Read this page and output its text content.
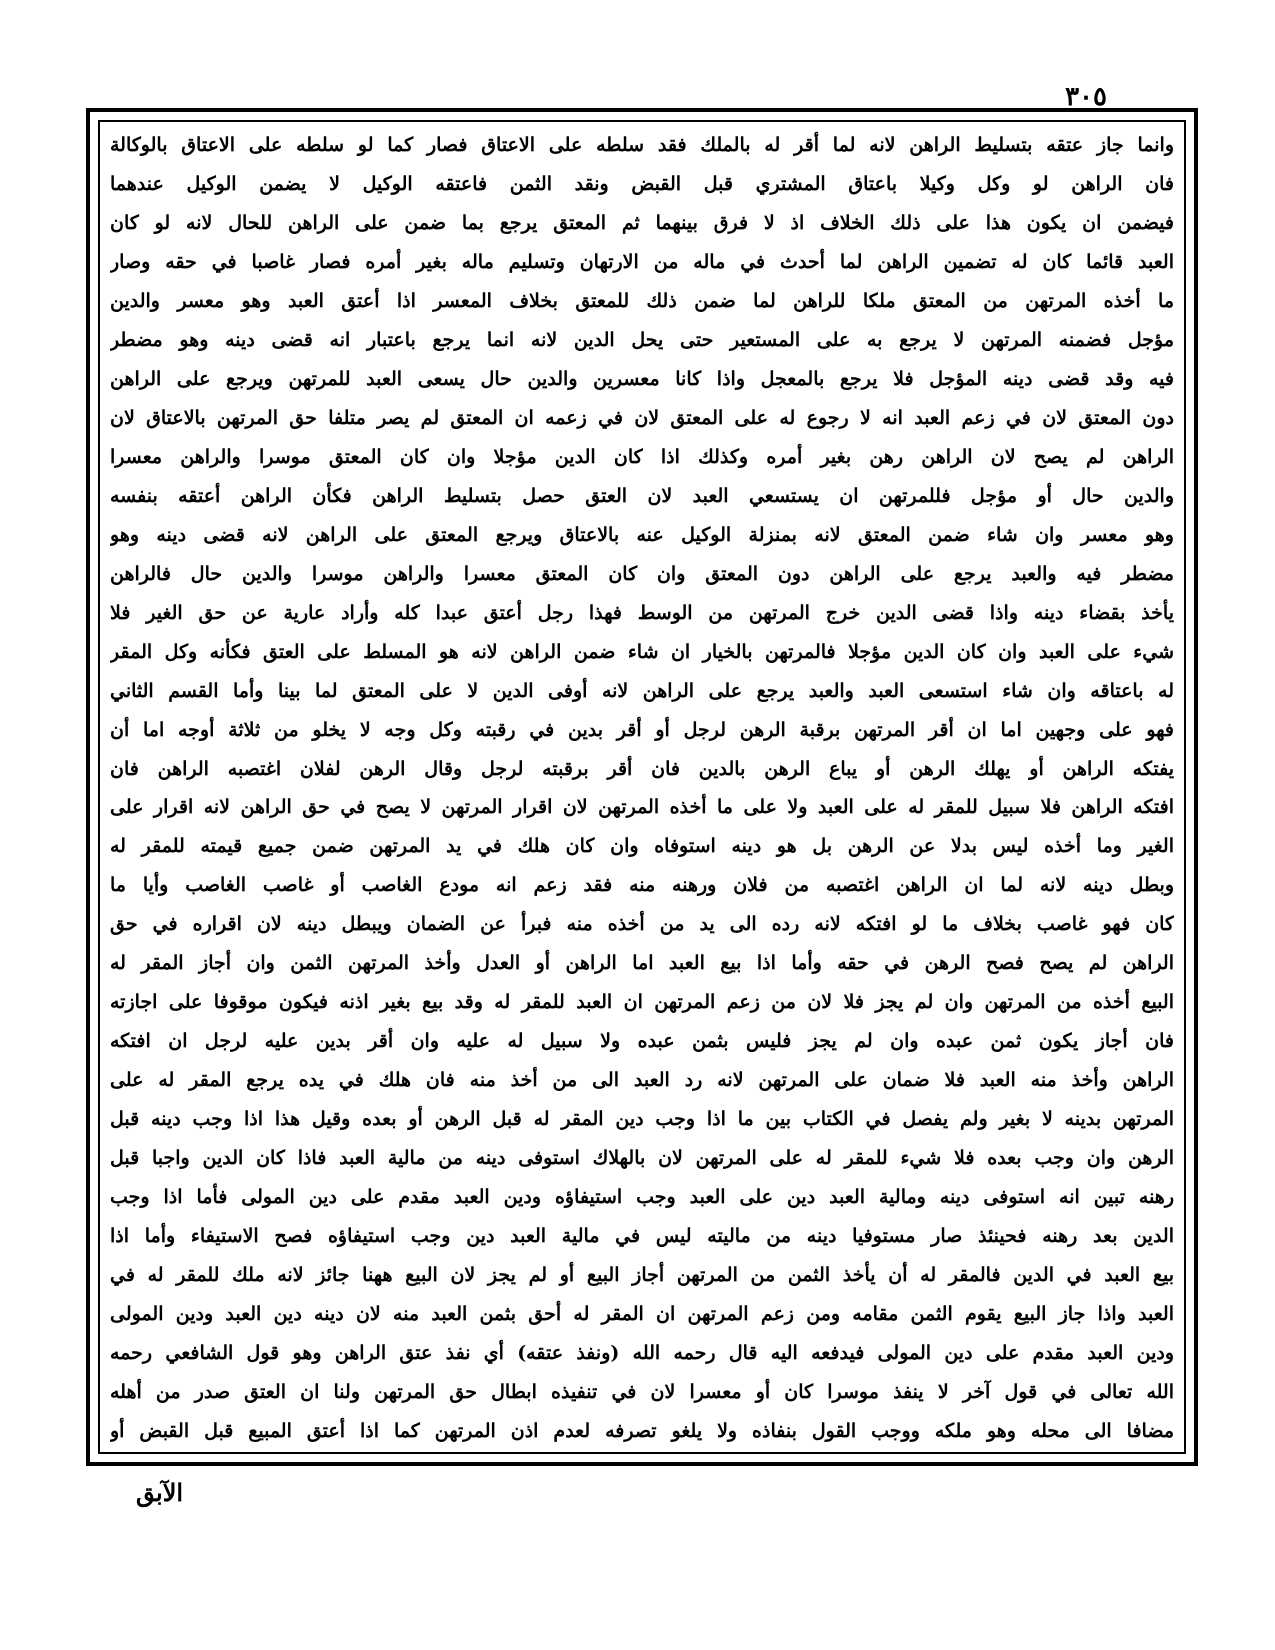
٣٠٥
وانما جاز عتقه بتسليط الراهن لانه لما أقر له بالملك فقد سلطه على الاعتاق فصار كما لو سلطه على الاعتاق بالوكالة
فان الراهن لو وكل وكيلا باعتاق المشتري قبل القبض ونقد الثمن فاعتقه الوكيل لا يضمن الوكيل عندهما
فيضمن ان يكون هذا على ذلك الخلاف اذ لا فرق بينهما ثم المعتق يرجع بما ضمن على الراهن للحال لانه لو كان
العبد قائما كان له تضمين الراهن لما أحدث في ماله من الارتهان وتسليم ماله بغير أمره فصار غاصبا في حقه وصار
ما أخذه المرتهن من المعتق ملكا للراهن لما ضمن ذلك للمعتق بخلاف المعسر اذا أعتق العبد وهو معسر والدين
مؤجل فضمنه المرتهن لا يرجع به على المستعير حتى يحل الدين لانه انما يرجع باعتبار انه قضى دينه وهو مضطر
فيه وقد قضى دينه المؤجل فلا يرجع بالمعجل واذا كانا معسرين والدين حال يسعى العبد للمرتهن ويرجع على الراهن
دون المعتق لان في زعم العبد انه لا رجوع له على المعتق لان في زعمه ان المعتق لم يصر متلفا حق المرتهن بالاعتاق لان
الراهن لم يصح لان الراهن رهن بغير أمره وكذلك اذا كان الدين مؤجلا وان كان المعتق موسرا والراهن معسرا
والدين حال أو مؤجل فللمرتهن ان يستسعي العبد لان العتق حصل بتسليط الراهن فكأن الراهن أعتقه بنفسه
وهو معسر وان شاء ضمن المعتق لانه بمنزلة الوكيل عنه بالاعتاق ويرجع المعتق على الراهن لانه قضى دينه وهو
مضطر فيه والعبد يرجع على الراهن دون المعتق وان كان المعتق معسرا والراهن موسرا والدين حال فالراهن
يأخذ بقضاء دينه واذا قضى الدين خرج المرتهن من الوسط فهذا رجل أعتق عبدا كله وأراد عارية عن حق الغير فلا
شيء على العبد وان كان الدين مؤجلا فالمرتهن بالخيار ان شاء ضمن الراهن لانه هو المسلط على العتق فكأنه وكل المقر
له باعتاقه وان شاء استسعى العبد والعبد يرجع على الراهن لانه أوفى الدين لا على المعتق لما بينا وأما القسم الثاني
فهو على وجهين اما ان أقر المرتهن برقبة الرهن لرجل أو أقر بدين في رقبته وكل وجه لا يخلو من ثلاثة أوجه اما أن
يفتكه الراهن أو يهلك الرهن أو يباع الرهن بالدين فان أقر برقبته لرجل وقال الرهن لفلان اغتصبه الراهن فان
افتكه الراهن فلا سبيل للمقر له على العبد ولا على ما أخذه المرتهن لان اقرار المرتهن لا يصح في حق الراهن لانه اقرار على
الغير وما أخذه ليس بدلا عن الرهن بل هو دينه استوفاه وان كان هلك في يد المرتهن ضمن جميع قيمته للمقر له
وبطل دينه لانه لما ان الراهن اغتصبه من فلان ورهنه منه فقد زعم انه مودع الغاصب أو غاصب الغاصب وأيا ما
كان فهو غاصب بخلاف ما لو افتكه لانه رده الى يد من أخذه منه فبرأ عن الضمان ويبطل دينه لان اقراره في حق
الراهن لم يصح فصح الرهن في حقه وأما اذا بيع العبد اما الراهن أو العدل وأخذ المرتهن الثمن وان أجاز المقر له
البيع أخذه من المرتهن وان لم يجز فلا لان من زعم المرتهن ان العبد للمقر له وقد بيع بغير اذنه فيكون موقوفا على اجازته
فان أجاز يكون ثمن عبده وان لم يجز فليس بثمن عبده ولا سبيل له عليه وان أقر بدين عليه لرجل ان افتكه
الراهن وأخذ منه العبد فلا ضمان على المرتهن لانه رد العبد الى من أخذ منه فان هلك في يده يرجع المقر له على
المرتهن بدينه لا بغير ولم يفصل في الكتاب بين ما اذا وجب دين المقر له قبل الرهن أو بعده وقيل هذا اذا وجب دينه قبل
الرهن وان وجب بعده فلا شيء للمقر له على المرتهن لان بالهلاك استوفى دينه من مالية العبد فاذا كان الدين واجبا قبل
رهنه تبين انه استوفى دينه ومالية العبد دين على العبد وجب استيفاؤه ودين العبد مقدم على دين المولى فأما اذا وجب
الدين بعد رهنه فحينئذ صار مستوفيا دينه من ماليته ليس في مالية العبد دين وجب استيفاؤه فصح الاستيفاء وأما اذا
بيع العبد في الدين فالمقر له أن يأخذ الثمن من المرتهن أجاز البيع أو لم يجز لان البيع ههنا جائز لانه ملك للمقر له في
العبد واذا جاز البيع يقوم الثمن مقامه ومن زعم المرتهن ان المقر له أحق بثمن العبد منه لان دينه دين العبد ودين المولى
ودين العبد مقدم على دين المولى فيدفعه اليه قال رحمه الله (ونفذ عتقه) أي نفذ عتق الراهن وهو قول الشافعي رحمه
الله تعالى في قول آخر لا ينفذ موسرا كان أو معسرا لان في تنفيذه ابطال حق المرتهن ولنا ان العتق صدر من أهله
مضافا الى محله وهو ملكه ووجب القول بنفاذه ولا يلغو تصرفه لعدم اذن المرتهن كما اذا أعتق المبيع قبل القبض أو
الآبق
